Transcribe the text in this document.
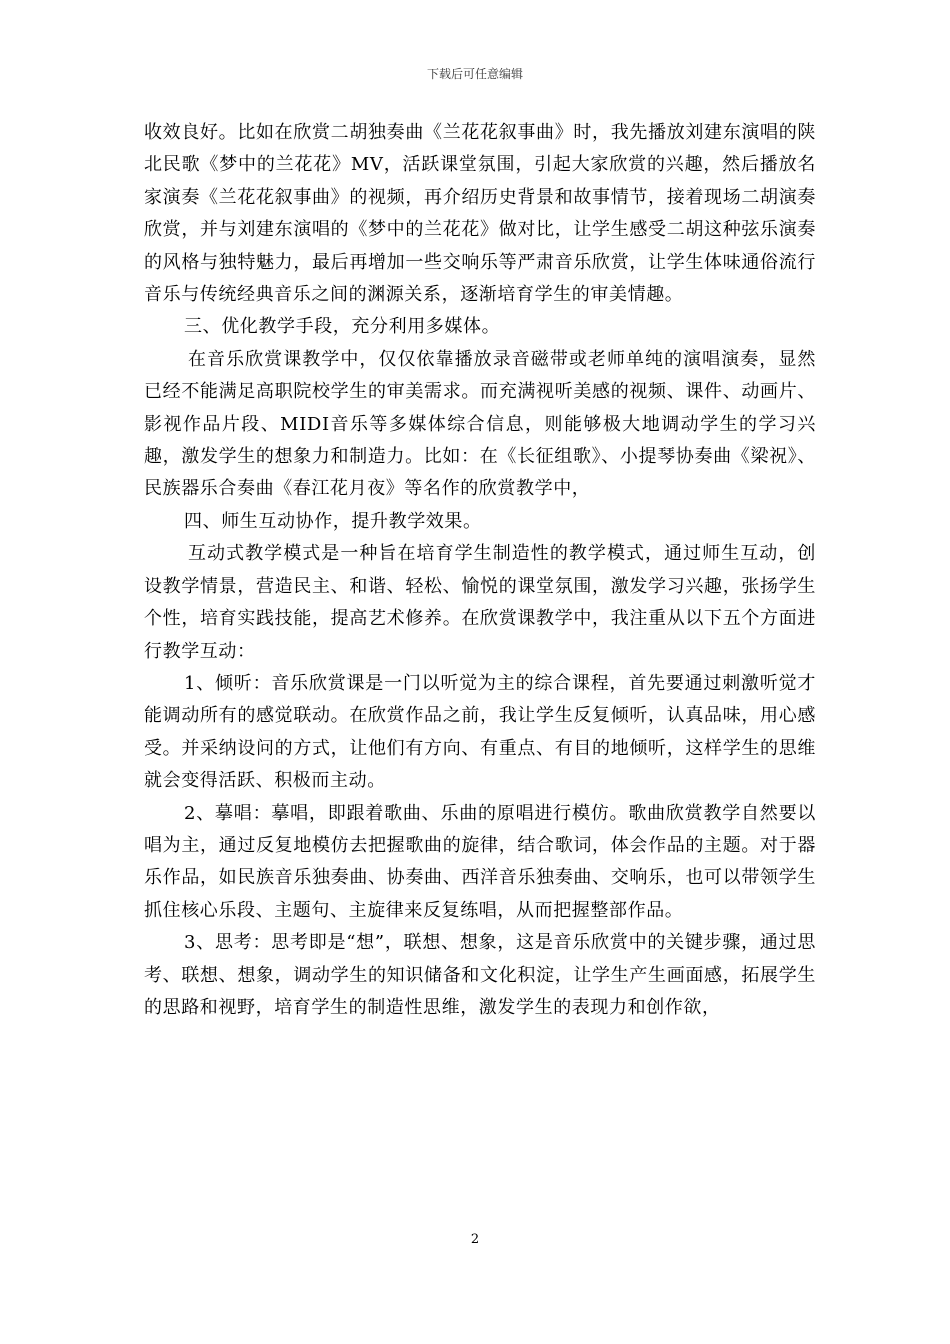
下载后可任意编辑

收效良好。比如在欣赏二胡独奏曲《兰花花叙事曲》时，我先播放刘建东演唱的陕北民歌《梦中的兰花花》MV，活跃课堂氛围，引起大家欣赏的兴趣，然后播放名家演奏《兰花花叙事曲》的视频，再介绍历史背景和故事情节，接着现场二胡演奏欣赏，并与刘建东演唱的《梦中的兰花花》做对比，让学生感受二胡这种弦乐演奏的风格与独特魅力，最后再增加一些交响乐等严肃音乐欣赏，让学生体味通俗流行音乐与传统经典音乐之间的渊源关系，逐渐培育学生的审美情趣。

三、优化教学手段，充分利用多媒体。

在音乐欣赏课教学中，仅仅依靠播放录音磁带或老师单纯的演唱演奏，显然已经不能满足高职院校学生的审美需求。而充满视听美感的视频、课件、动画片、影视作品片段、MIDI音乐等多媒体综合信息，则能够极大地调动学生的学习兴趣，激发学生的想象力和制造力。比如：在《长征组歌》、小提琴协奏曲《梁祝》、民族器乐合奏曲《春江花月夜》等名作的欣赏教学中，

四、师生互动协作，提升教学效果。

互动式教学模式是一种旨在培育学生制造性的教学模式，通过师生互动，创设教学情景，营造民主、和谐、轻松、愉悦的课堂氛围，激发学习兴趣，张扬学生个性，培育实践技能，提高艺术修养。在欣赏课教学中，我注重从以下五个方面进行教学互动：

1、倾听：音乐欣赏课是一门以听觉为主的综合课程，首先要通过刺激听觉才能调动所有的感觉联动。在欣赏作品之前，我让学生反复倾听，认真品味，用心感受。并采纳设问的方式，让他们有方向、有重点、有目的地倾听，这样学生的思维就会变得活跃、积极而主动。

2、摹唱：摹唱，即跟着歌曲、乐曲的原唱进行模仿。歌曲欣赏教学自然要以唱为主，通过反复地模仿去把握歌曲的旋律，结合歌词，体会作品的主题。对于器乐作品，如民族音乐独奏曲、协奏曲、西洋音乐独奏曲、交响乐，也可以带领学生抓住核心乐段、主题句、主旋律来反复练唱，从而把握整部作品。

3、思考：思考即是“想”，联想、想象，这是音乐欣赏中的关键步骤，通过思考、联想、想象，调动学生的知识储备和文化积淀，让学生产生画面感，拓展学生的思路和视野，培育学生的制造性思维，激发学生的表现力和创作欲，

2
